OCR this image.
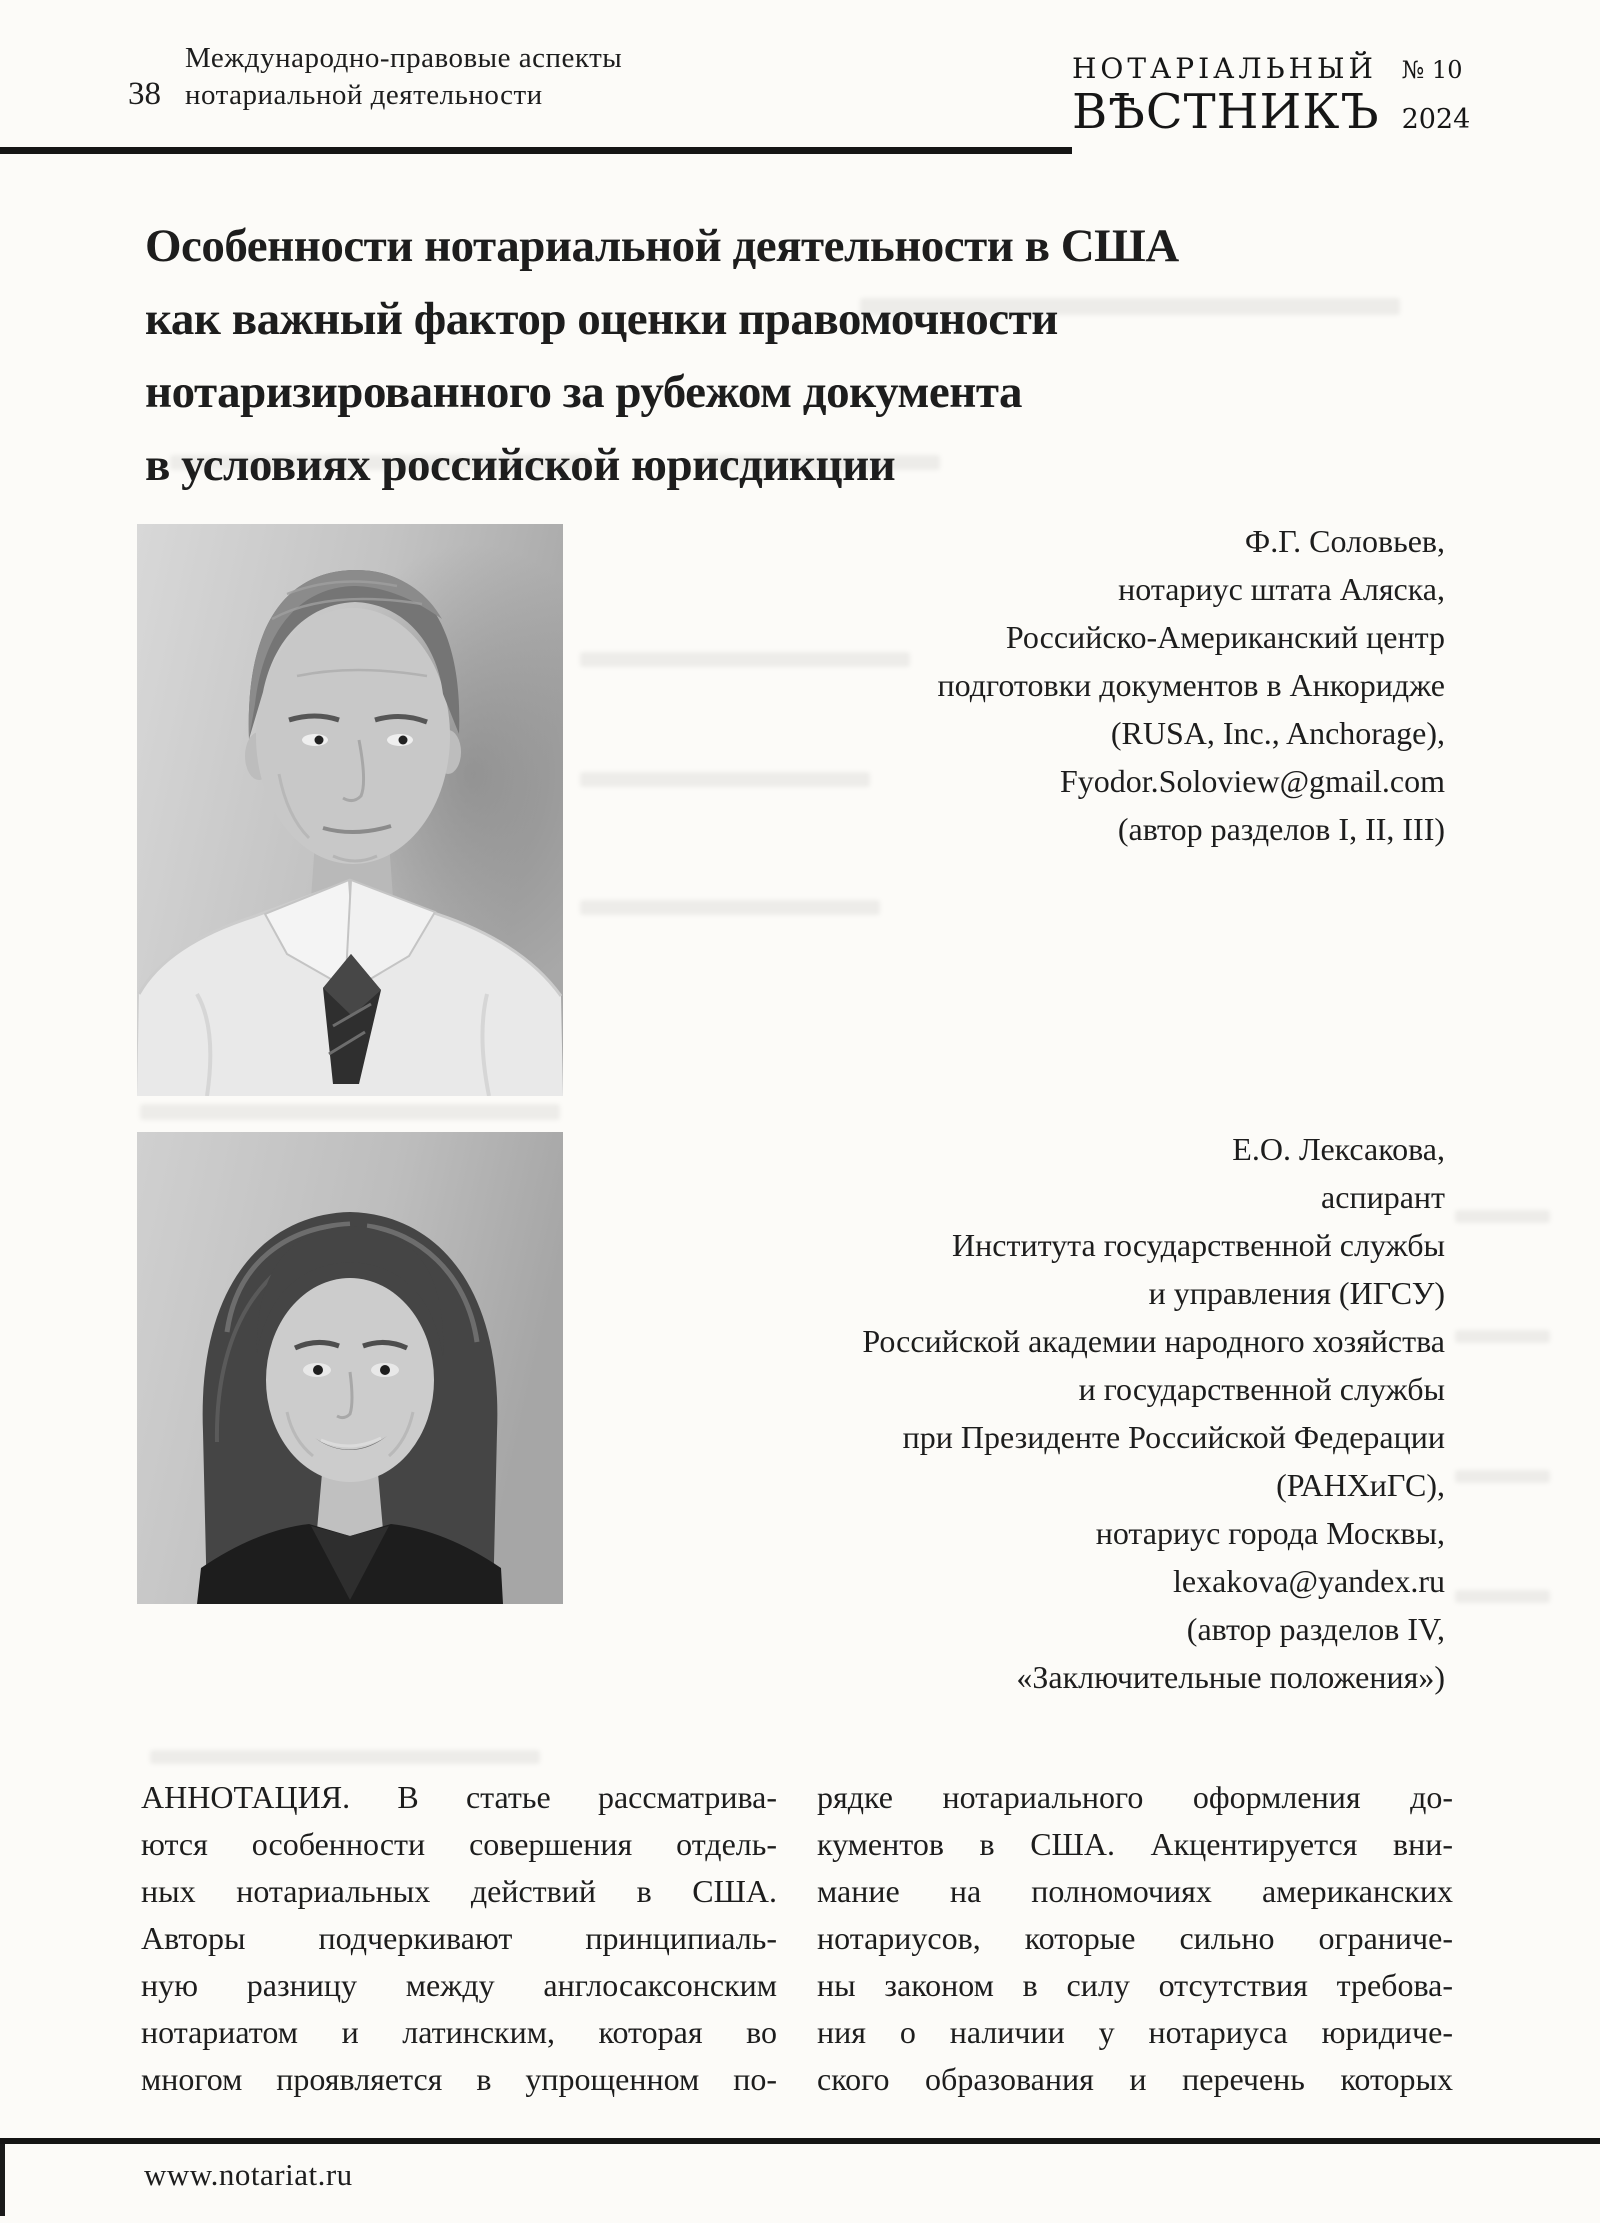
38
Международно-правовые аспекты
нотариальной деятельности
НОТАРІАЛЬНЫЙ № 10
ВѢСТНИКЪ 2024
Особенности нотариальной деятельности в США
как важный фактор оценки правомочности
нотаризированного за рубежом документа
в условиях российской юрисдикции
Ф.Г. Соловьев,
нотариус штата Аляска,
Российско-Американский центр
подготовки документов в Анкоридже
(RUSA, Inc., Anchorage),
Fyodor.Soloview@gmail.com
(автор разделов I, II, III)
Е.О. Лексакова,
аспирант
Института государственной службы
и управления (ИГСУ)
Российской академии народного хозяйства
и государственной службы
при Президенте Российской Федерации
(РАНХиГС),
нотариус города Москвы,
lexakova@yandex.ru
(автор разделов IV,
«Заключительные положения»)
АННОТАЦИЯ. В статье рассматрива-
ются особенности совершения отдель-
ных нотариальных действий в США.
Авторы подчеркивают принципиаль-
ную разницу между англосаксонским
нотариатом и латинским, которая во
многом проявляется в упрощенном по-
рядке нотариального оформления до-
кументов в США. Акцентируется вни-
мание на полномочиях американских
нотариусов, которые сильно ограниче-
ны законом в силу отсутствия требова-
ния о наличии у нотариуса юридиче-
ского образования и перечень которых
www.notariat.ru
